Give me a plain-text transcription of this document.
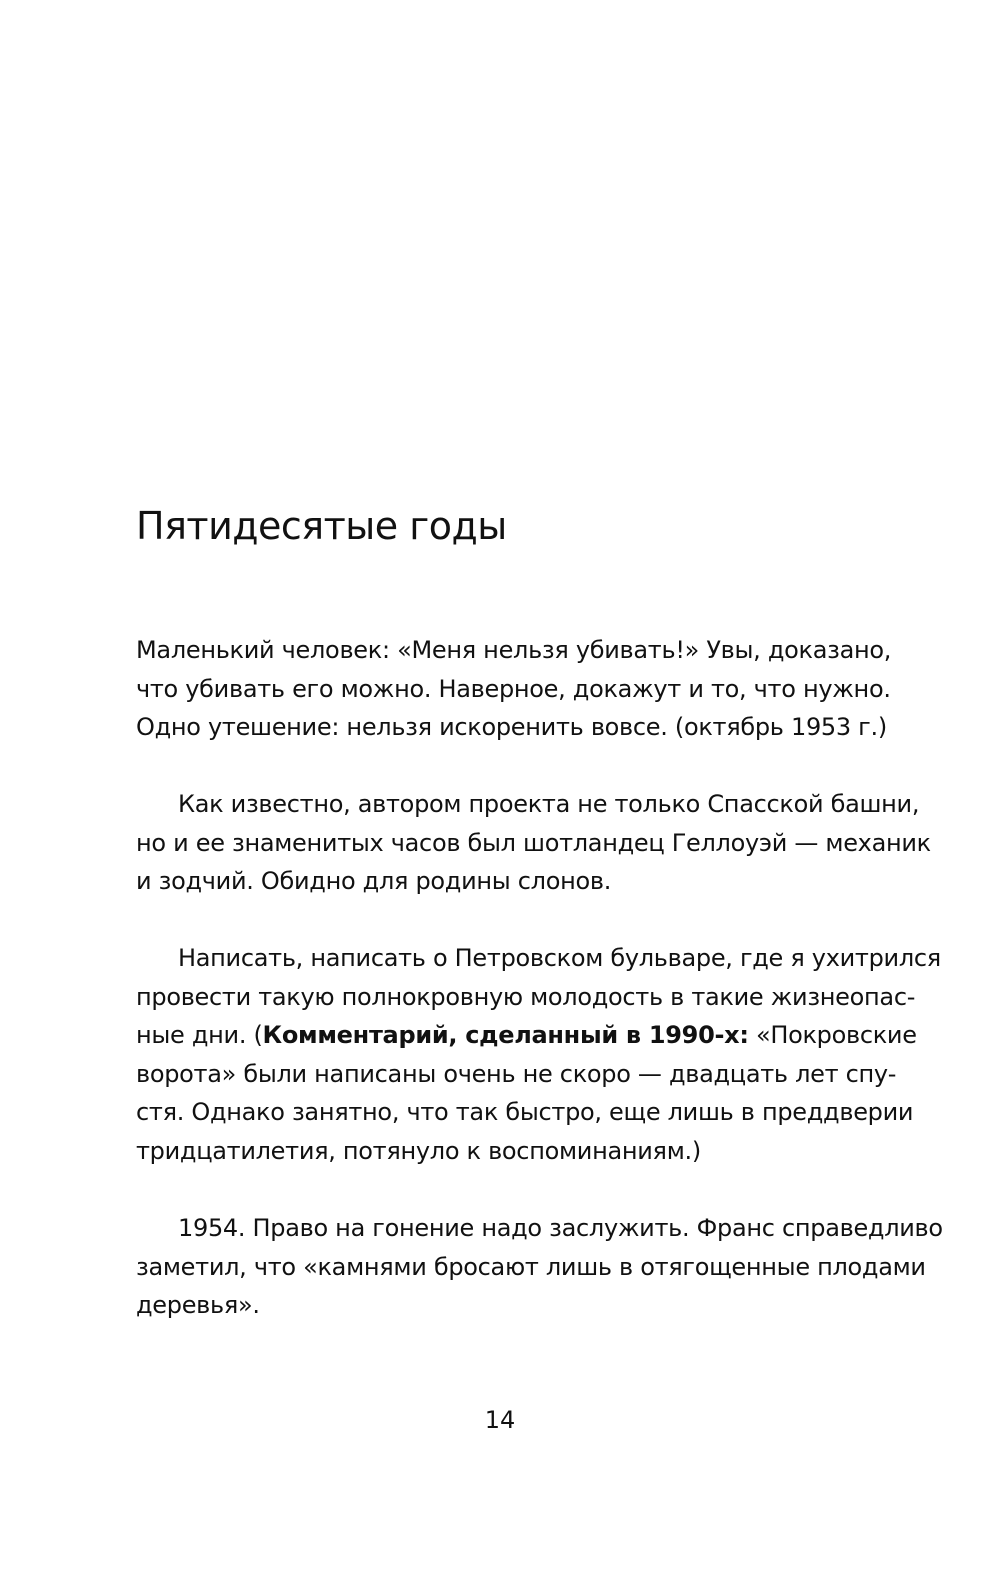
Пятидесятые годы
Маленький человек: «Меня нельзя убивать!» Увы, доказано,
что убивать его можно. Наверное, докажут и то, что нужно.
Одно утешение: нельзя искоренить вовсе. (октябрь 1953 г.)
Как известно, автором проекта не только Спасской башни,
но и ее знаменитых часов был шотландец Геллоуэй — механик
и зодчий. Обидно для родины слонов.
Написать, написать о Петровском бульваре, где я ухитрился
провести такую полнокровную молодость в такие жизнеопас-
ные дни. (Комментарий, сделанный в 1990-х: «Покровские
ворота» были написаны очень не скоро — двадцать лет спу-
стя. Однако занятно, что так быстро, еще лишь в преддверии
тридцатилетия, потянуло к воспоминаниям.)
1954. Право на гонение надо заслужить. Франс справедливо
заметил, что «камнями бросают лишь в отягощенные плодами
деревья».
14
